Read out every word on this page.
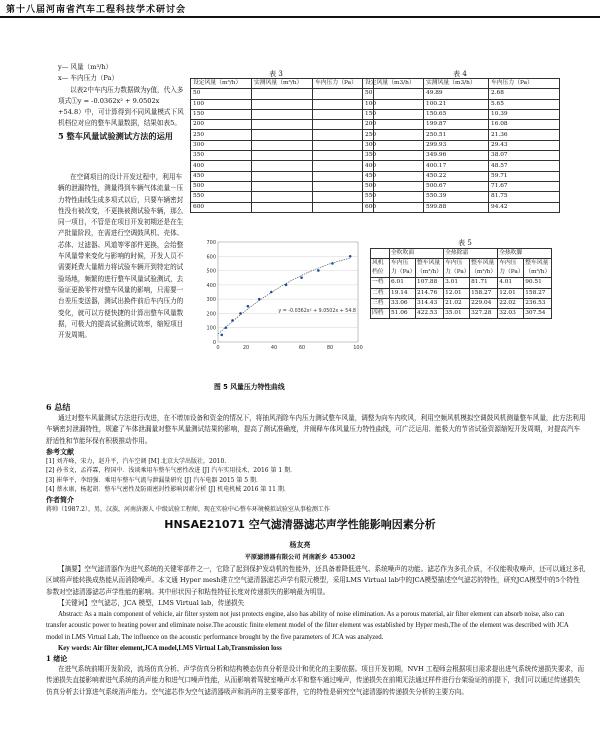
第十八届河南省汽车工程科技学术研讨会

y— 风量（m³/h）

x— 车内压力（Pa）

以表2中车内压力数据做为y值，代入多项式①y = -0.0362x² + 9.0502x +54.8）中，可计算得到不同风量模式下风机档位对应的整车风量数据，结果如表5。

5 整车风量试验测试方法的运用

在空调项目的设计开发过程中，利用车辆的泄漏特性，测量得到车辆气体流量－压力特性曲线生成多项式以后，只要车辆密封性没有被改变，不更换被测试验车辆，那么同一项目，不管是在项目开发初期还是在生产批量阶段，在需进行空调鼓风机、壳体、芯体、过滤器、风道等零部件更换，会给整车风量带来变化与影响的时候，开发人员不需要耗费大量精力将试验车辆开到特定的试验场地，频繁的进行整车风量试验测试，去验证更换零件对整车风量的影响，只需要一台差压变送器，测试出换件前后车内压力的变化，就可以方便快捷的计算出整车风量数据，可极大的提高试验测试效率，缩短项目开发周期。

表 3
设定风量（m³/h）	实测风量（m³/h）	车内压力（Pa）
50		
100		
150		
200		
250		
300		
350		
400		
450		
500		
550		
600		
表 4
设定风量（m3/h）	实测风量（m3/h）	车内压力（Pa）
50	49.89	2.68
100	100.21	5.65
150	150.65	10.39
200	199.87	16.08
250	250.51	21.36
300	299.93	29.43
350	349.96	38.07
400	400.17	48.57
450	450.22	59.71
500	500.67	71.67
550	550.39	81.75
600	599.88	94.42
0
100
200
300
400
500
600
700
0	20	40	60	80	100
y = -0.0362x² + 9.0502x + 54.8
图 5 风量压力特性曲线
表 5
	全吹吹面		全热除霜		全热吹脚	
风机档位	车内压力（Pa）	整车风量（m³/h）	车内压力（Pa）	整车风量（m³/h）	车内压力（Pa）	整车风量（m³/h）
一档	6.01	107.88	3.01	81.71	4.01	90.51
二档	19.14	214.76	12.01	158.27	12.01	158.27
三档	33.06	314.43	21.02	229.04	22.02	236.53
四档	51.06	422.53	35.01	327.28	32.03	307.54
6 总结

通过对整车风量测试方法进行改进，在不增加设备和资金的情况下，将抽风消除车内压力测试整车风量，调整为向车内吹风，利用空频风机模拟空调鼓风机测量整车风量，此方法利用车辆密封泄漏特性，规避了车体泄漏量对整车风量测试结果的影响，提高了测试准确度，并阐释车体风量压力特性曲线，可广泛运用、能极大的节省试验资源缩短开发周期，对提高汽车舒适性和节能环保有积极推动作用。

参考文献
[1] 刘卉峰，宋力，赵升平，汽车空调 [M] 北京大学出版社，2010.
[2] 孙书文，孟祥霖，程国中．浅谈乘用车整车气密性改进 [J] 汽车实用技术，2016 第 1 期．
[3] 崔华平，李绍强．乘用车整车气流与泄漏量研究 [J] 汽车电器 2015 第 5 期．
[4] 蔡永康，杨起胡．整车气密性及防雨密封性影响因素分析 [J] 机电机械 2016 第 11 期．
作者简介
蒋帅（1987.2），男，汉族，河南济源人 中级试验工程师，现在实验中心整车环境模拟试验室从事检测工作
HNSAE21071 空气滤清器滤芯声学性能影响因素分析
杨友亮
平原滤清器有限公司 河南新乡 453002

【摘要】空气滤清器作为进气系统的关键零部件之一，它除了起到保护发动机的性能外，还具备着降低进气、系统噪声的功能。滤芯作为多孔介质，不仅能吸收噪声，还可以通过多孔区域将声能转换成热能从而消除噪声。本文通 Hyper mesh建立空气滤清器滤芯声学有限元模型，采用LMS Virtual lab中的JCA模型描述空气滤芯的特性，研究JCA模型中的5个特性参数对空滤清器滤芯声学性能的影响。其中形状因子和粘性特征长度对传递损失的影响最为明显。

【关键词】空气滤芯，JCA 模型，LMS Virtual lab，传递损失

Abstract: As a main component of vehicle, air filter system not just protects engine, also has ability of noise elimination. As a porous material, air filter element can absorb noise, also can transfer acoustic power to heating power and eliminate noise.The acoustic finite element model of the filter element was established by Hyper mesh,The of the element was described with JCA model in LMS Virtual Lab, The influence on the acoustic performance brought by the five parameters of JCA was analyzed.

Key words: Air filter element,JCA model,LMS Virtual Lab,Transmission loss

1 绪论

在进气系统前期开发阶段，流场仿真分析、声学仿真分析和结构模态仿真分析是设计和优化的主要依据。项目开发初期，NVH 工程师会根据项目需求提出进气系统传递损失要求，而传递损失直接影响着进气系统的消声能力和进气口噪声性能，从而影响着驾驶室噪声水平和整车通过噪声，传递损失在前期无法通过样件进行台架验证的前提下，我们可以通过传递损失仿真分析去计算进气系统消声能力。空气滤芯作为空气滤清器吸声和消声的主要零部件，它的特性是研究空气滤清器的传递损失分析的主要方向。
